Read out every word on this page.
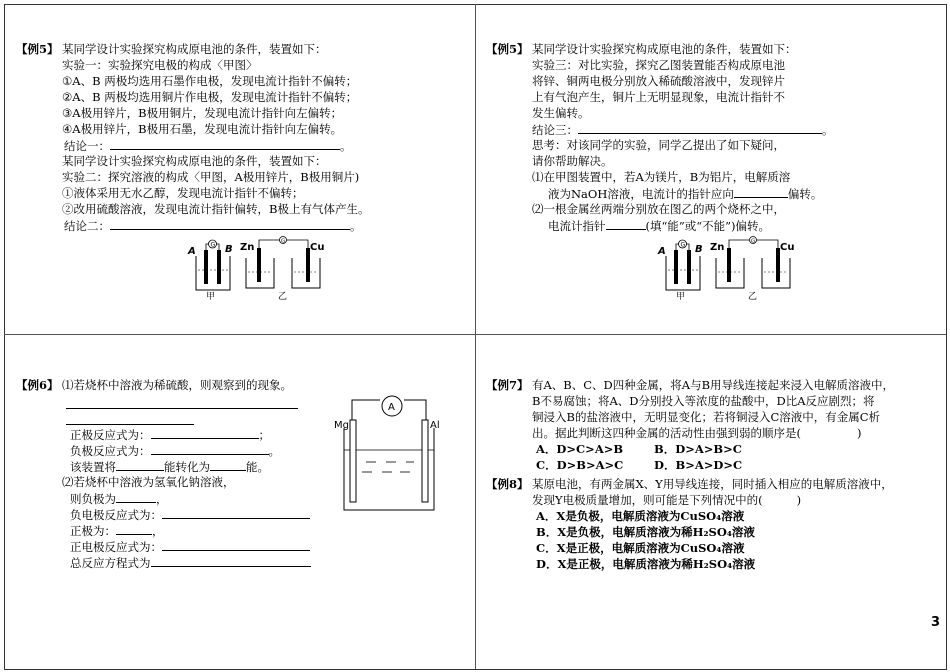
【例5】 某同学设计实验探究构成原电池的条件，装置如下：
实验一：实验探究电极的构成〈甲图〉
①A、B 两极均选用石墨作电极，发现电流计指针不偏转；
②A、B 两极均选用铜片作电极，发现电流计指针不偏转；
③A极用锌片，B极用铜片，发现电流计指针向左偏转；
④A极用锌片，B极用石墨，发现电流计指针向左偏转。
结论一：	。
某同学设计实验探究构成原电池的条件，装置如下：
实验二：探究溶液的构成〈甲图，A极用锌片，B极用铜片)
①液体采用无水乙醇，发现电流计指针不偏转；
②改用硫酸溶液，发现电流计指针偏转，B极上有气体产生。
结论二：	。
G
A	B
甲
G
Zn	Cu
乙
【例5】 某同学设计实验探究构成原电池的条件，装置如下：
实验三：对比实验，探究乙图装置能否构成原电池
将锌、铜两电极分别放入稀硫酸溶液中，发现锌片
上有气泡产生，铜片上无明显现象，电流计指针不
发生偏转。
结论三：	。
思考：对该同学的实验，同学乙提出了如下疑问，
请你帮助解决。
⑴在甲图装置中，若A为镁片，B为铝片，电解质溶
液为NaOH溶液，电流计的指针应向	偏转。
⑵一根金属丝两端分别放在图乙的两个烧杯之中，
电流计指针	(填“能”或“不能”)偏转。
G
A	B
甲
G
Zn	Cu
乙
【例6】 ⑴若烧杯中溶液为稀硫酸，则观察到的现象。
正极反应式为：	；
负极反应式为：	。
该装置将	能转化为	能。
⑵若烧杯中溶液为氢氧化钠溶液，
则负极为	，
负电极反应式为：
正极为：	，
正电极反应式为：
总反应方程式为
A
Mg	Al
【例7】 有A、B、C、D四种金属，将A与B用导线连接起来浸入电解质溶液中，
B不易腐蚀；将A、D分别投入等浓度的盐酸中，D比A反应剧烈；将
铜浸入B的盐溶液中，无明显变化；若将铜浸入C溶液中，有金属C析
出。据此判断这四种金属的活动性由强到弱的顺序是(	)
A．D>C>A>B	B．D>A>B>C
C．D>B>A>C	D．B>A>D>C
【例8】 某原电池，有两金属X、Y用导线连接，同时插入相应的电解质溶液中，
发现Y电极质量增加，则可能是下列情况中的(	)
A．X是负极，电解质溶液为CuSO₄溶液
B．X是负极，电解质溶液为稀H₂SO₄溶液
C．X是正极，电解质溶液为CuSO₄溶液
D．X是正极，电解质溶液为稀H₂SO₄溶液
3
